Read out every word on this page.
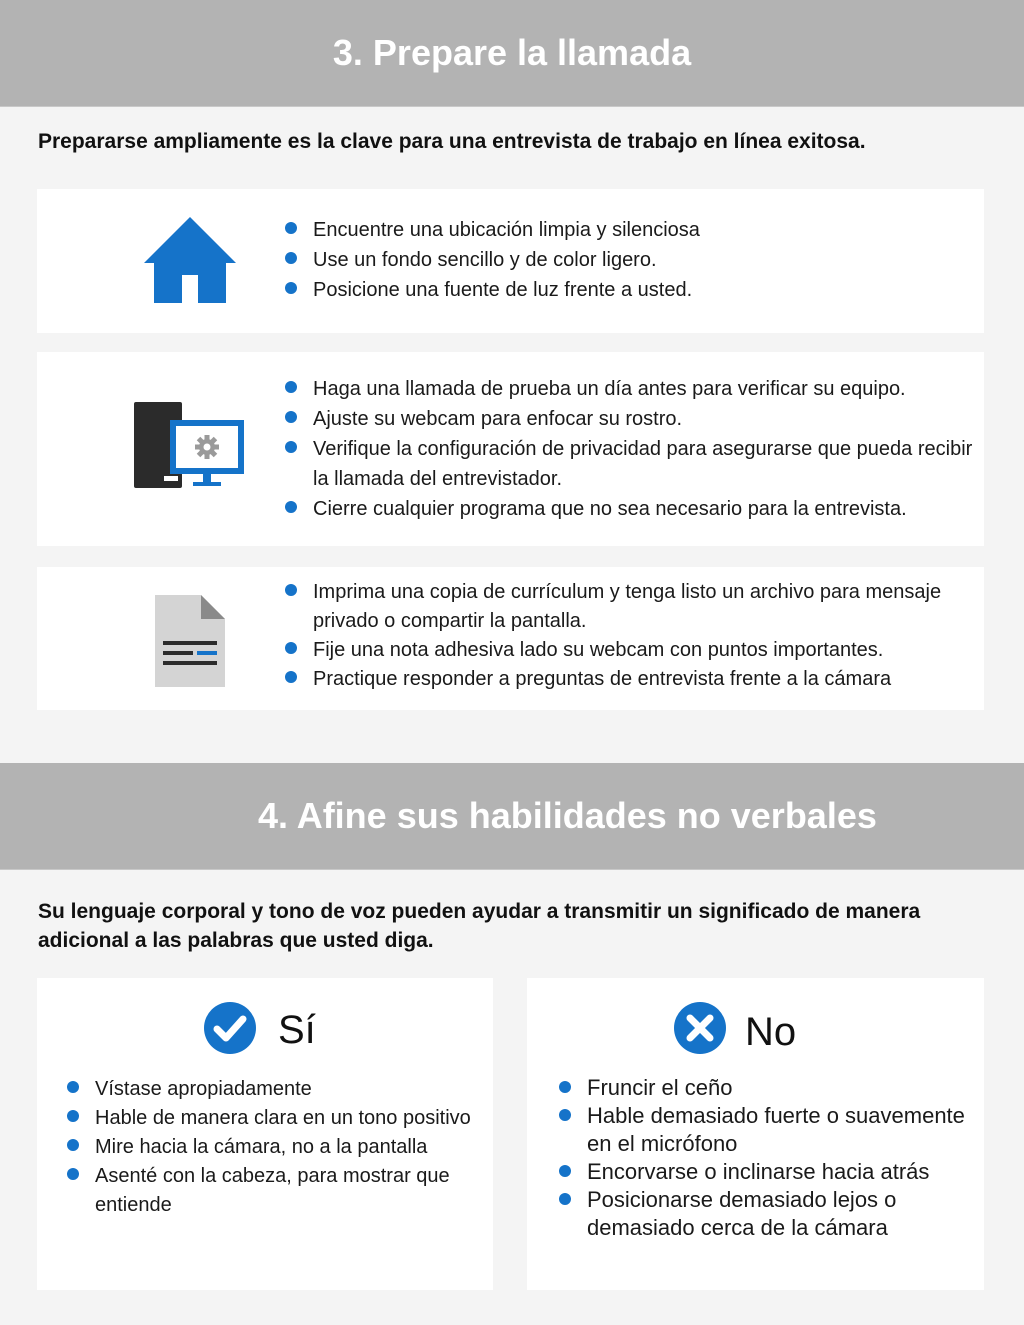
3. Prepare la llamada

Prepararse ampliamente es la clave para una entrevista de trabajo en línea exitosa.

Encuentre una ubicación limpia y silenciosa
Use un fondo sencillo y de color ligero.
Posicione una fuente de luz frente a usted.
Haga una llamada de prueba un día antes para verificar su equipo.
Ajuste su webcam para enfocar su rostro.
Verifique la configuración de privacidad para asegurarse que pueda recibir la llamada del entrevistador.
Cierre cualquier programa que no sea necesario para la entrevista.
Imprima una copia de currículum y tenga listo un archivo para mensaje privado o compartir la pantalla.
Fije una nota adhesiva lado su webcam con puntos importantes.
Practique responder a preguntas de entrevista frente a la cámara
4. Afine sus habilidades no verbales

Su lenguaje corporal y tono de voz pueden ayudar a transmitir un significado de manera adicional a las palabras que usted diga.

Sí
Vístase apropiadamente
Hable de manera clara en un tono positivo
Mire hacia la cámara, no a la pantalla
Asenté con la cabeza, para mostrar que entiende
No
Fruncir el ceño
Hable demasiado fuerte o suavemente en el micrófono
Encorvarse o inclinarse hacia atrás
Posicionarse demasiado lejos o demasiado cerca de la cámara
